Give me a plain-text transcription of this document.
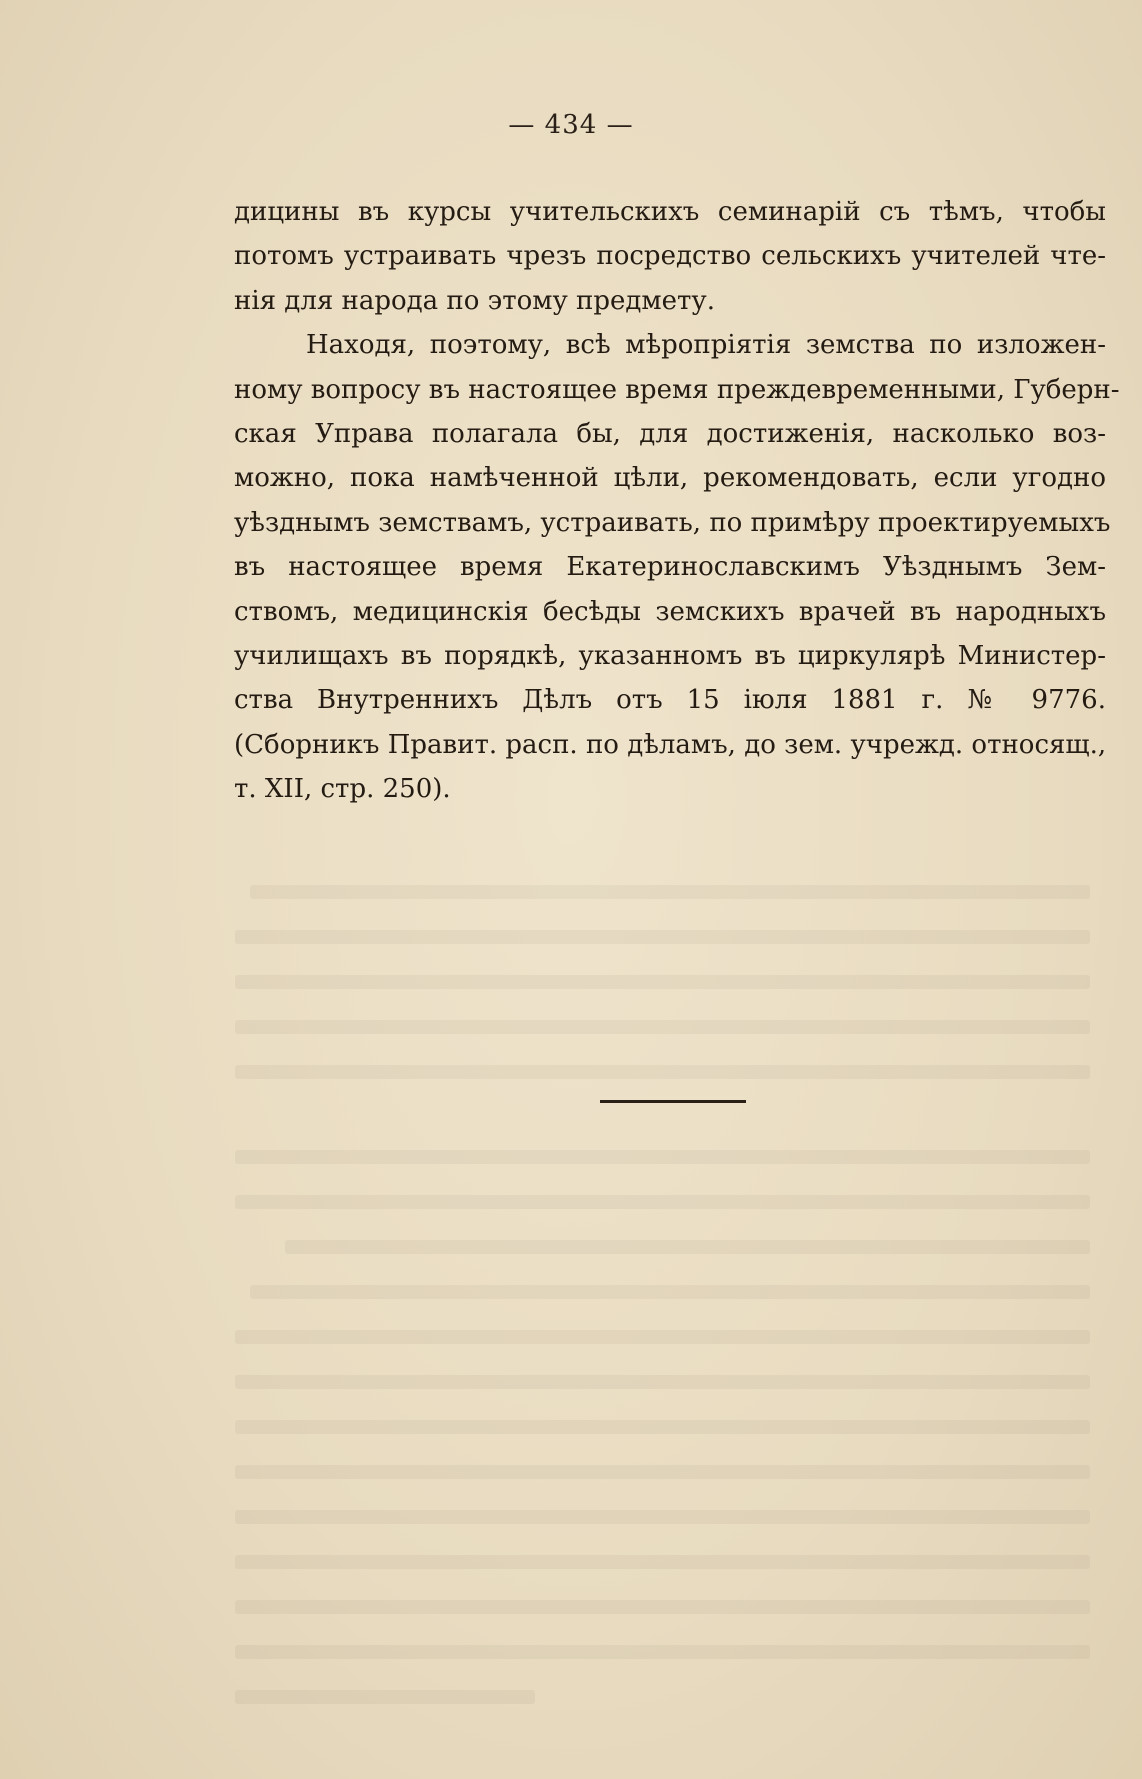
— 434 —

дицины въ курсы учительскихъ семинарій съ тѣмъ, чтобы
потомъ устраивать чрезъ посредство сельскихъ учителей чте-
нія для народа по этому предмету.

Находя, поэтому, всѣ мѣропріятія земства по изложен-
ному вопросу въ настоящее время преждевременными, Губерн-
ская Управа полагала бы, для достиженія, насколько воз-
можно, пока намѣченной цѣли, рекомендовать, если угодно
уѣзднымъ земствамъ, устраивать, по примѣру проектируемыхъ
въ настоящее время Екатеринославскимъ Уѣзднымъ Зем-
ствомъ, медицинскія бесѣды земскихъ врачей въ народныхъ
училищахъ въ порядкѣ, указанномъ въ циркулярѣ Министер-
ства Внутреннихъ Дѣлъ отъ 15 іюля 1881 г. № 9776.
(Сборникъ Правит. расп. по дѣламъ, до зем. учрежд. относящ.,
т. XII, стр. 250).
